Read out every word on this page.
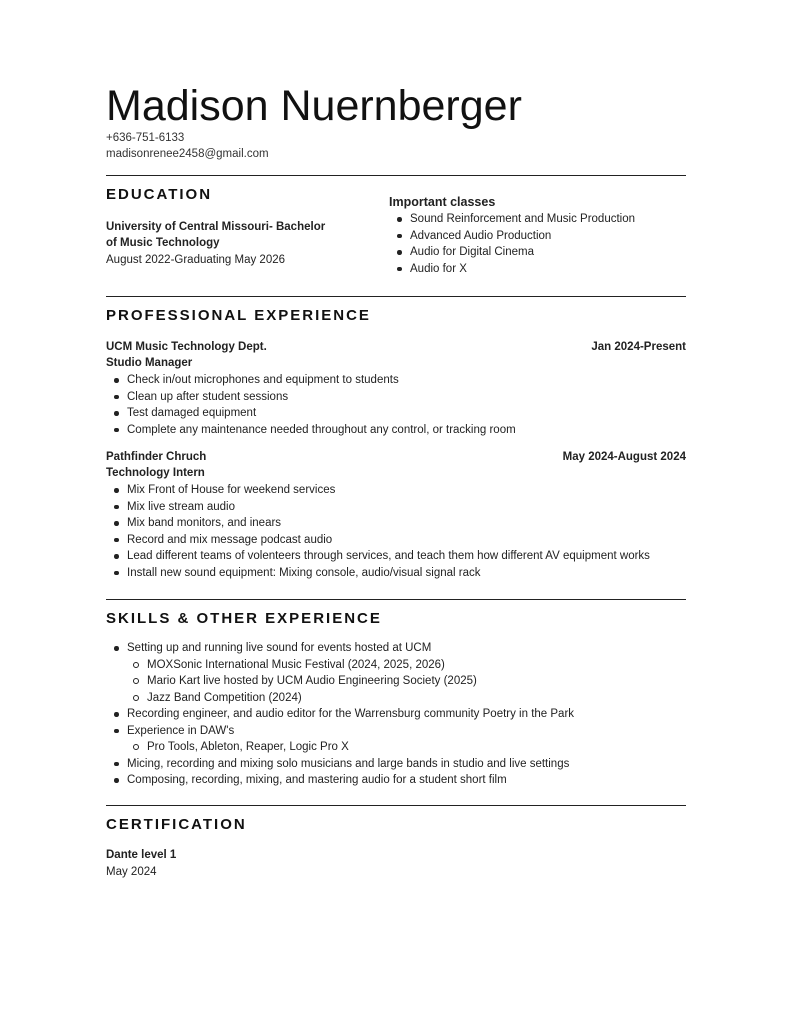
Madison Nuernberger
+636-751-6133
madisonrenee2458@gmail.com
EDUCATION
University of Central Missouri- Bachelor
of Music Technology
August 2022-Graduating May 2026
Important classes
Sound Reinforcement and Music Production
Advanced Audio Production
Audio for Digital Cinema
Audio for X
PROFESSIONAL EXPERIENCE
UCM Music Technology Dept.	Jan 2024-Present
Studio Manager
Check in/out microphones and equipment to students
Clean up after student sessions
Test damaged equipment
Complete any maintenance needed throughout any control, or tracking room
Pathfinder Chruch	May 2024-August 2024
Technology Intern
Mix Front of House for weekend services
Mix live stream audio
Mix band monitors, and inears
Record and mix message podcast audio
Lead different teams of volenteers through services, and teach them how different AV equipment works
Install new sound equipment: Mixing console, audio/visual signal rack
SKILLS & OTHER EXPERIENCE
Setting up and running live sound for events hosted at UCM
MOXSonic International Music Festival (2024, 2025, 2026)
Mario Kart live hosted by UCM Audio Engineering Society (2025)
Jazz Band Competition (2024)
Recording engineer, and audio editor for the Warrensburg community Poetry in the Park
Experience in DAW's
Pro Tools, Ableton, Reaper, Logic Pro X
Micing, recording and mixing solo musicians and large bands in studio and live settings
Composing, recording, mixing, and mastering audio for a student short film
CERTIFICATION
Dante level 1
May 2024
